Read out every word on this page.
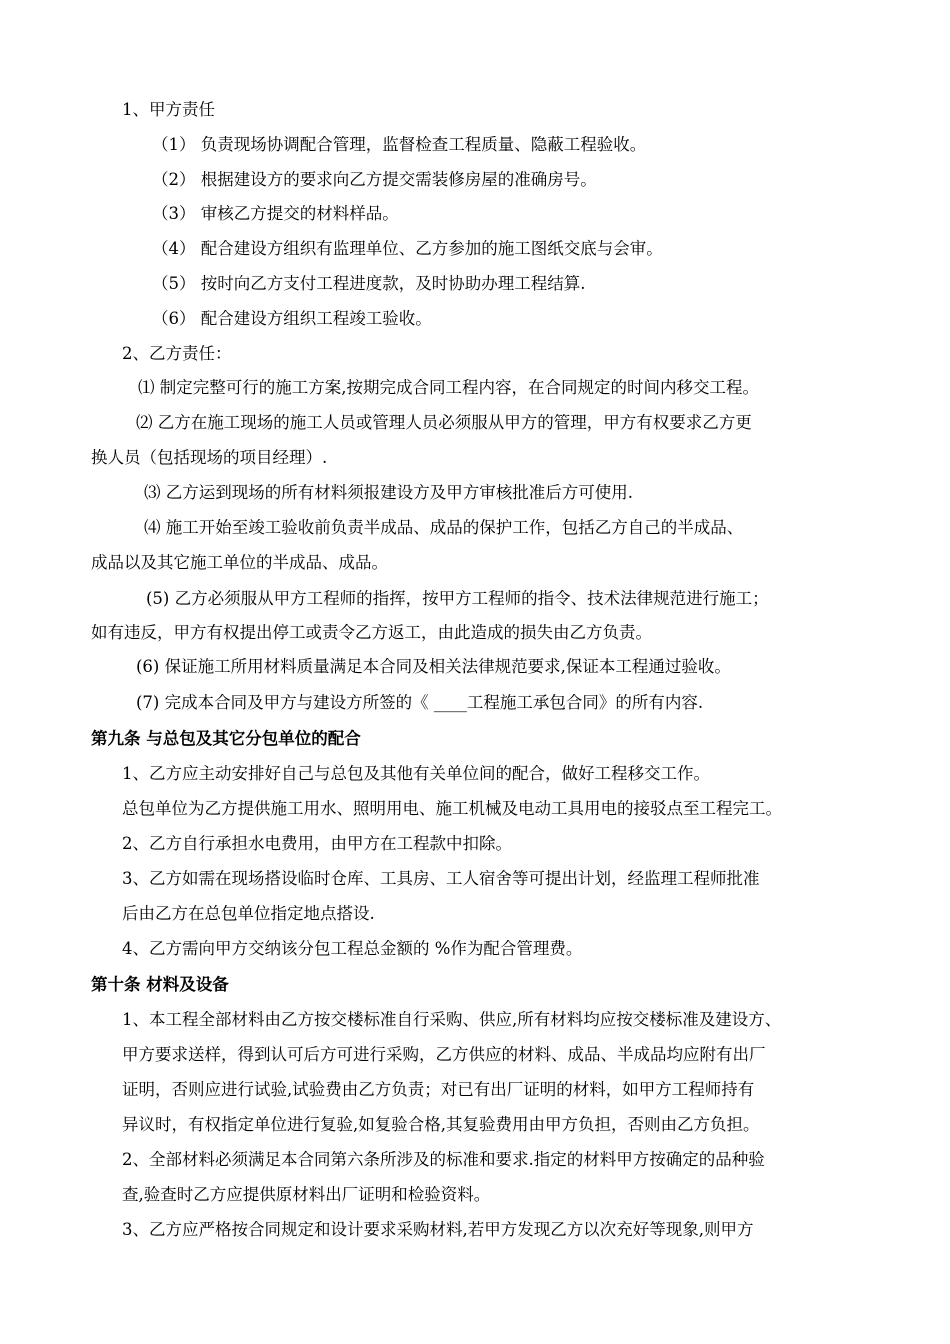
1、甲方责任
（1） 负责现场协调配合管理，监督检查工程质量、隐蔽工程验收。
（2） 根据建设方的要求向乙方提交需装修房屋的准确房号。
（3） 审核乙方提交的材料样品。
（4） 配合建设方组织有监理单位、乙方参加的施工图纸交底与会审。
（5） 按时向乙方支付工程进度款，及时协助办理工程结算.
（6） 配合建设方组织工程竣工验收。
2、乙方责任：
⑴ 制定完整可行的施工方案,按期完成合同工程内容，在合同规定的时间内移交工程。
⑵ 乙方在施工现场的施工人员或管理人员必须服从甲方的管理，甲方有权要求乙方更
换人员（包括现场的项目经理）.
⑶ 乙方运到现场的所有材料须报建设方及甲方审核批准后方可使用.
⑷ 施工开始至竣工验收前负责半成品、成品的保护工作，包括乙方自己的半成品、
成品以及其它施工单位的半成品、成品。
(5) 乙方必须服从甲方工程师的指挥，按甲方工程师的指令、技术法律规范进行施工；
如有违反，甲方有权提出停工或责令乙方返工，由此造成的损失由乙方负责。
(6) 保证施工所用材料质量满足本合同及相关法律规范要求,保证本工程通过验收。
(7) 完成本合同及甲方与建设方所签的《 ____工程施工承包合同》的所有内容.
第九条 与总包及其它分包单位的配合
1、乙方应主动安排好自己与总包及其他有关单位间的配合，做好工程移交工作。
总包单位为乙方提供施工用水、照明用电、施工机械及电动工具用电的接驳点至工程完工。
2、乙方自行承担水电费用，由甲方在工程款中扣除。
3、乙方如需在现场搭设临时仓库、工具房、工人宿舍等可提出计划，经监理工程师批准
后由乙方在总包单位指定地点搭设.
4、乙方需向甲方交纳该分包工程总金额的 %作为配合管理费。
第十条 材料及设备
1、本工程全部材料由乙方按交楼标准自行采购、供应,所有材料均应按交楼标准及建设方、
甲方要求送样，得到认可后方可进行采购，乙方供应的材料、成品、半成品均应附有出厂
证明，否则应进行试验,试验费由乙方负责；对已有出厂证明的材料，如甲方工程师持有
异议时，有权指定单位进行复验,如复验合格,其复验费用由甲方负担，否则由乙方负担。
2、全部材料必须满足本合同第六条所涉及的标准和要求.指定的材料甲方按确定的品种验
查,验查时乙方应提供原材料出厂证明和检验资料。
3、乙方应严格按合同规定和设计要求采购材料,若甲方发现乙方以次充好等现象,则甲方
